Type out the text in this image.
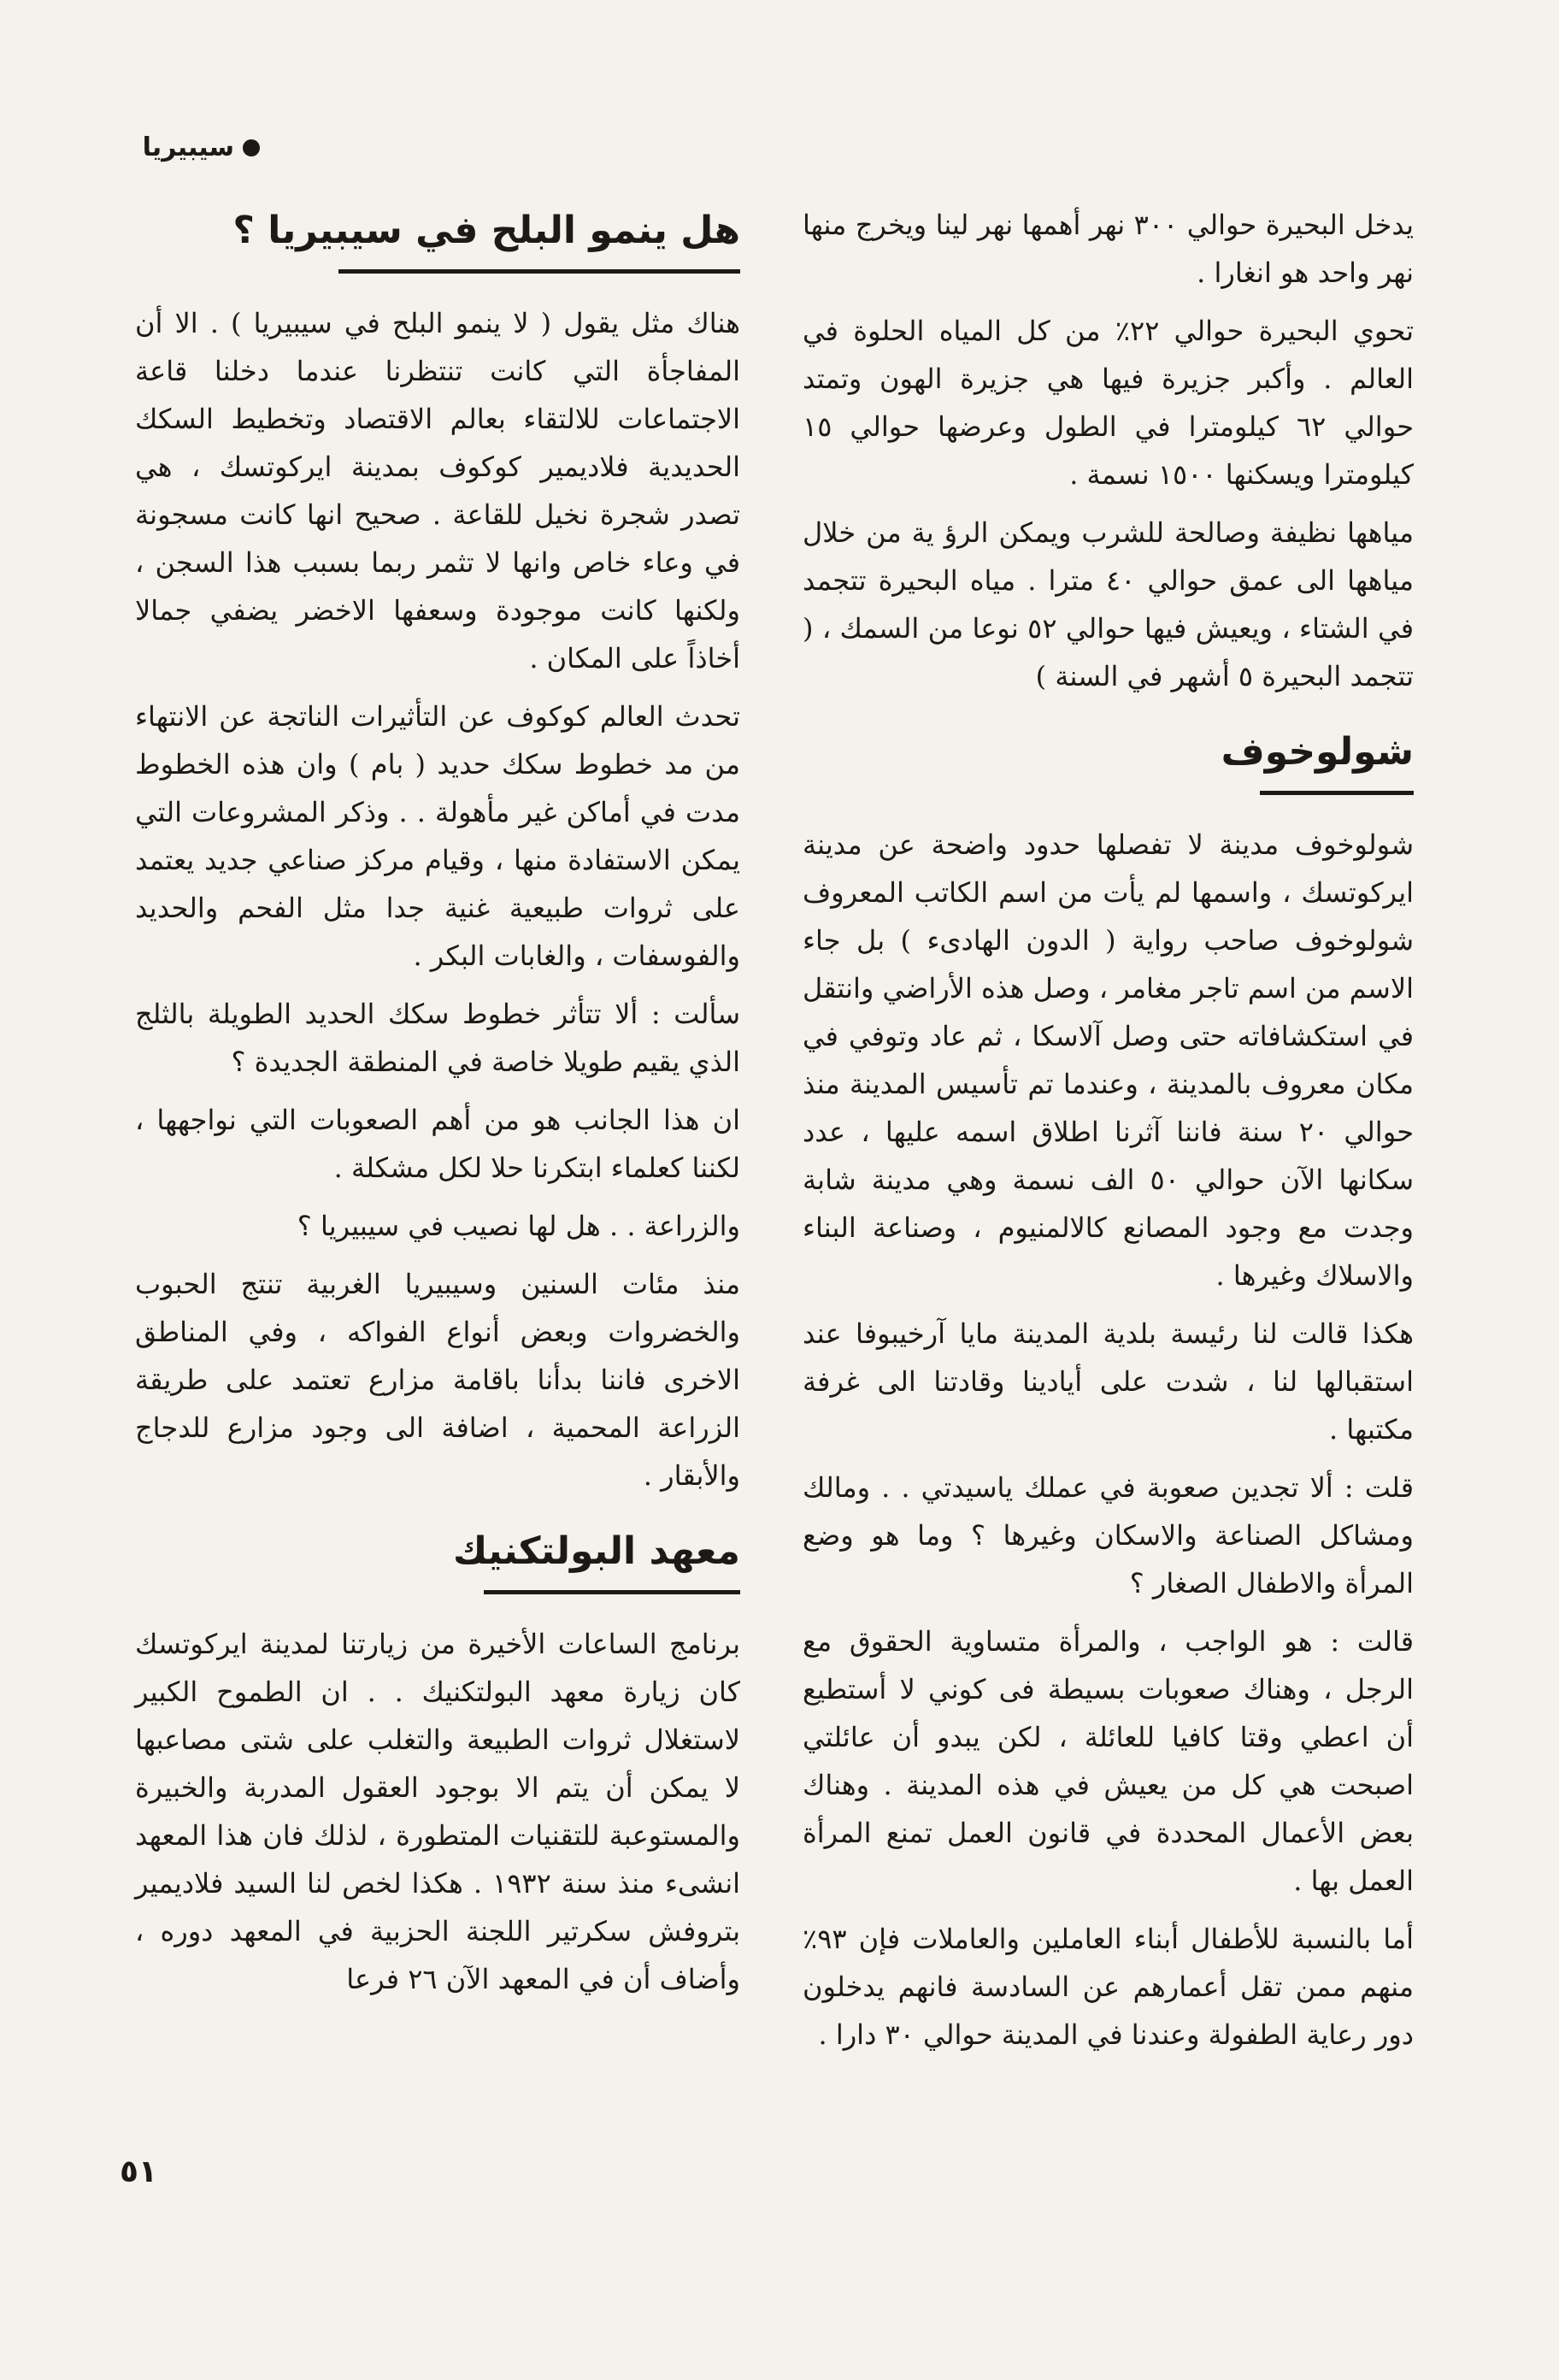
سيبيريا

يدخل البحيرة حوالي ٣٠٠ نهر أهمها نهر لينا ويخرج منها نهر واحد هو انغارا .

تحوي البحيرة حوالي ٢٢٪ من كل المياه الحلوة في العالم . وأكبر جزيرة فيها هي جزيرة الهون وتمتد حوالي ٦٢ كيلومترا في الطول وعرضها حوالي ١٥ كيلومترا ويسكنها ١٥٠٠ نسمة .

مياهها نظيفة وصالحة للشرب ويمكن الرؤ ية من خلال مياهها الى عمق حوالي ٤٠ مترا . مياه البحيرة تتجمد في الشتاء ، ويعيش فيها حوالي ٥٢ نوعا من السمك ، ( تتجمد البحيرة ٥ أشهر في السنة )

شولوخوف

شولوخوف مدينة لا تفصلها حدود واضحة عن مدينة ايركوتسك ، واسمها لم يأت من اسم الكاتب المعروف شولوخوف صاحب رواية ( الدون الهادىء ) بل جاء الاسم من اسم تاجر مغامر ، وصل هذه الأراضي وانتقل في استكشافاته حتى وصل آلاسكا ، ثم عاد وتوفي في مكان معروف بالمدينة ، وعندما تم تأسيس المدينة منذ حوالي ٢٠ سنة فاننا آثرنا اطلاق اسمه عليها ، عدد سكانها الآن حوالي ٥٠ الف نسمة وهي مدينة شابة وجدت مع وجود المصانع كالالمنيوم ، وصناعة البناء والاسلاك وغيرها .

هكذا قالت لنا رئيسة بلدية المدينة مايا آرخيبوفا عند استقبالها لنا ، شدت على أيادينا وقادتنا الى غرفة مكتبها .

قلت : ألا تجدين صعوبة في عملك ياسيدتي . . ومالك ومشاكل الصناعة والاسكان وغيرها ؟ وما هو وضع المرأة والاطفال الصغار ؟

قالت : هو الواجب ، والمرأة متساوية الحقوق مع الرجل ، وهناك صعوبات بسيطة فى كوني لا أستطيع أن اعطي وقتا كافيا للعائلة ، لكن يبدو أن عائلتي اصبحت هي كل من يعيش في هذه المدينة . وهناك بعض الأعمال المحددة في قانون العمل تمنع المرأة العمل بها .

أما بالنسبة للأطفال أبناء العاملين والعاملات فإن ٩٣٪ منهم ممن تقل أعمارهم عن السادسة فانهم يدخلون دور رعاية الطفولة وعندنا في المدينة حوالي ٣٠ دارا .

هل ينمو البلح في سيبيريا ؟

هناك مثل يقول ( لا ينمو البلح في سيبيريا ) . الا أن المفاجأة التي كانت تنتظرنا عندما دخلنا قاعة الاجتماعات للالتقاء بعالم الاقتصاد وتخطيط السكك الحديدية فلاديمير كوكوف بمدينة ايركوتسك ، هي تصدر شجرة نخيل للقاعة . صحيح انها كانت مسجونة في وعاء خاص وانها لا تثمر ربما بسبب هذا السجن ، ولكنها كانت موجودة وسعفها الاخضر يضفي جمالا أخاذاً على المكان .

تحدث العالم كوكوف عن التأثيرات الناتجة عن الانتهاء من مد خطوط سكك حديد ( بام ) وان هذه الخطوط مدت في أماكن غير مأهولة . . وذكر المشروعات التي يمكن الاستفادة منها ، وقيام مركز صناعي جديد يعتمد على ثروات طبيعية غنية جدا مثل الفحم والحديد والفوسفات ، والغابات البكر .

سألت : ألا تتأثر خطوط سكك الحديد الطويلة بالثلج الذي يقيم طويلا خاصة في المنطقة الجديدة ؟

ان هذا الجانب هو من أهم الصعوبات التي نواجهها ، لكننا كعلماء ابتكرنا حلا لكل مشكلة .

والزراعة . . هل لها نصيب في سيبيريا ؟

منذ مئات السنين وسيبيريا الغربية تنتج الحبوب والخضروات وبعض أنواع الفواكه ، وفي المناطق الاخرى فاننا بدأنا باقامة مزارع تعتمد على طريقة الزراعة المحمية ، اضافة الى وجود مزارع للدجاج والأبقار .

معهد البولتكنيك

برنامج الساعات الأخيرة من زيارتنا لمدينة ايركوتسك كان زيارة معهد البولتكنيك . . ان الطموح الكبير لاستغلال ثروات الطبيعة والتغلب على شتى مصاعبها لا يمكن أن يتم الا بوجود العقول المدربة والخبيرة والمستوعبة للتقنيات المتطورة ، لذلك فان هذا المعهد انشىء منذ سنة ١٩٣٢ . هكذا لخص لنا السيد فلاديمير بتروفش سكرتير اللجنة الحزبية في المعهد دوره ، وأضاف أن في المعهد الآن ٢٦ فرعا

٥١
